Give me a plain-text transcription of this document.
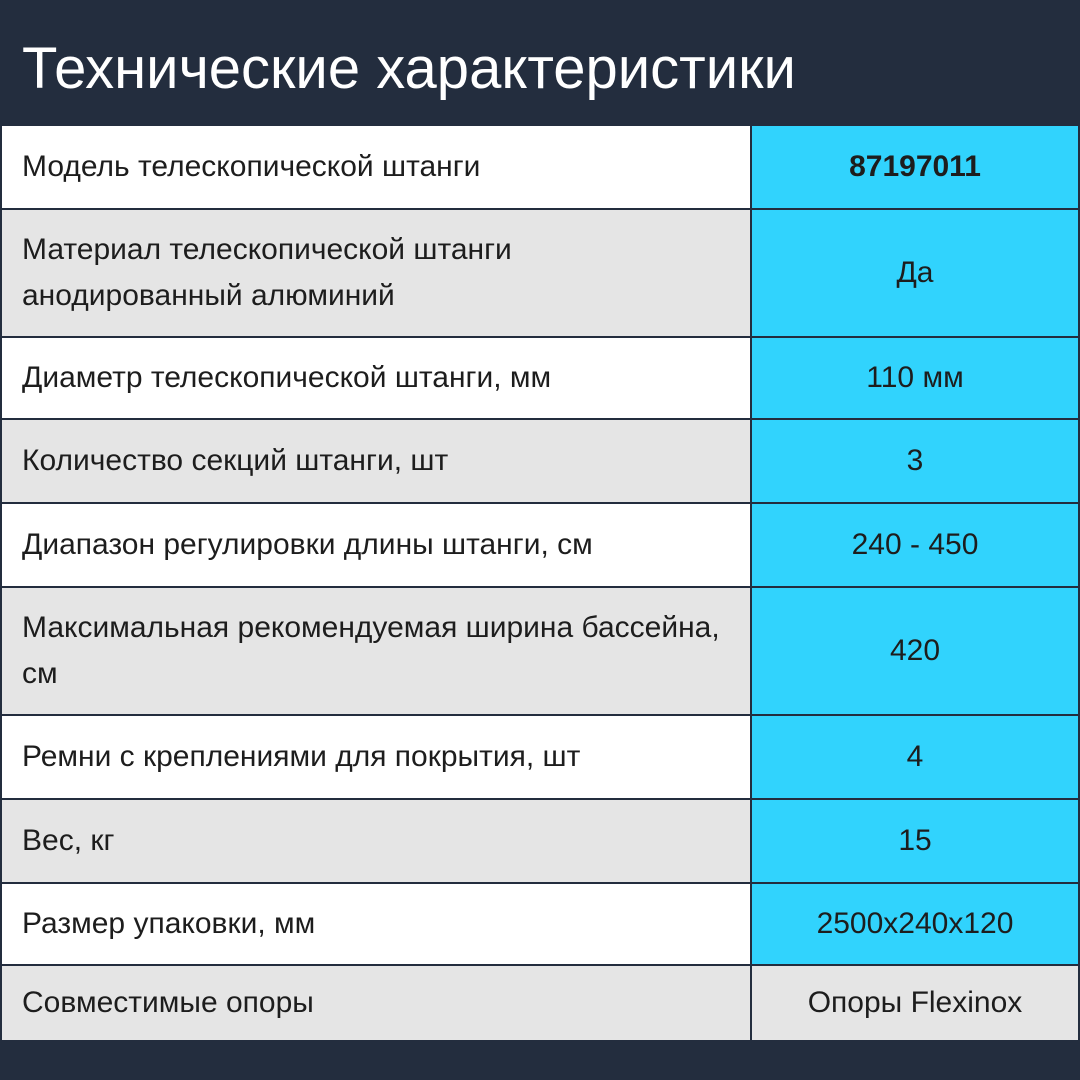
Технические характеристики
Модель телескопической штанги	87197011
Материал телескопической штанги анодированный алюминий	Да
Диаметр телескопической штанги, мм	110 мм
Количество секций штанги, шт	3
Диапазон регулировки длины штанги, см	240 - 450
Максимальная рекомендуемая ширина бассейна, см	420
Ремни с креплениями для покрытия, шт	4
Вес, кг	15
Размер упаковки, мм	2500x240x120
Совместимые опоры	Опоры Flexinox
